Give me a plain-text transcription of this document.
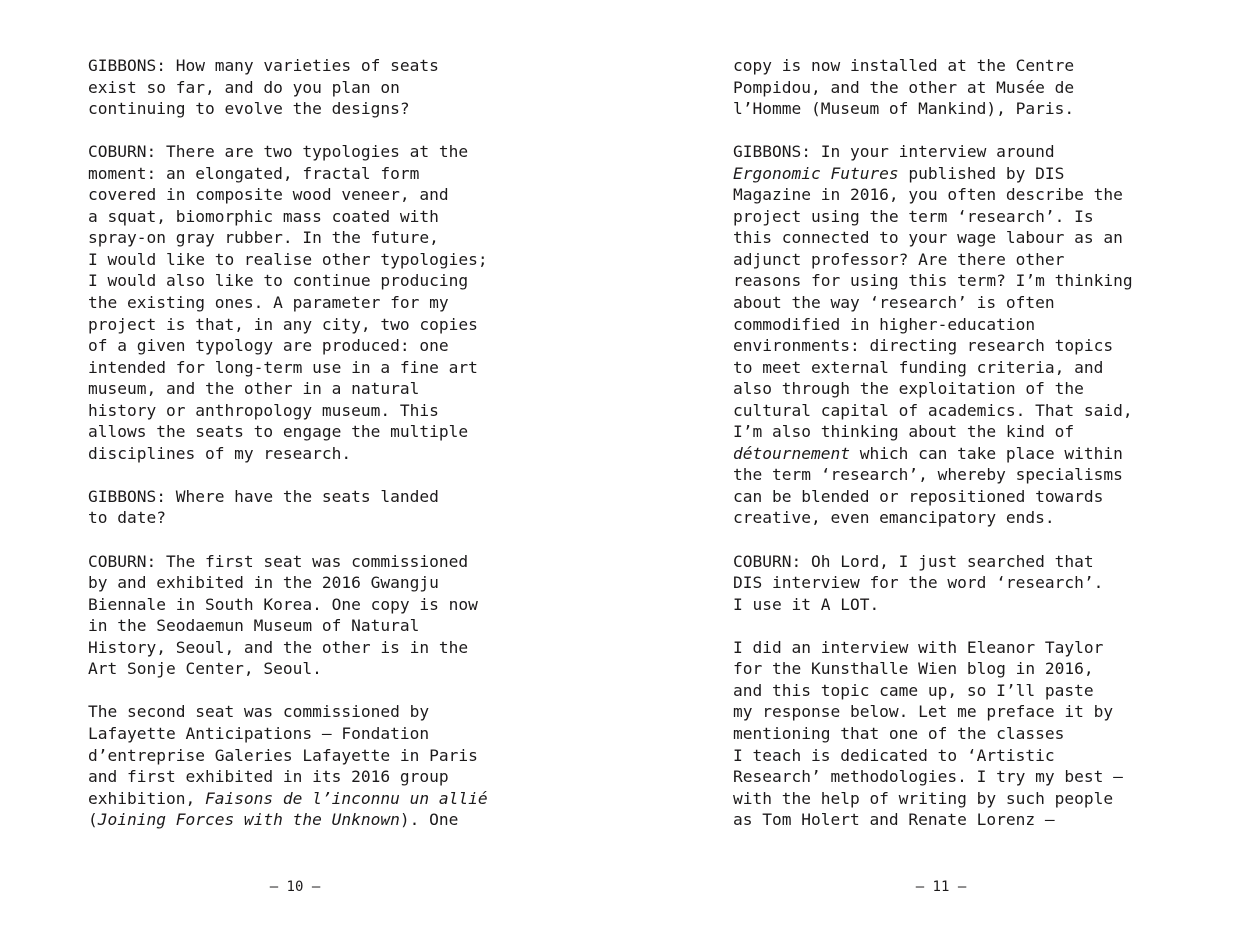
GIBBONS: How many varieties of seats
exist so far, and do you plan on
continuing to evolve the designs?
COBURN: There are two typologies at the
moment: an elongated, fractal form
covered in composite wood veneer, and
a squat, biomorphic mass coated with
spray-on gray rubber. In the future,
I would like to realise other typologies;
I would also like to continue producing
the existing ones. A parameter for my
project is that, in any city, two copies
of a given typology are produced: one
intended for long-term use in a fine art
museum, and the other in a natural
history or anthropology museum. This
allows the seats to engage the multiple
disciplines of my research.
GIBBONS: Where have the seats landed
to date?
COBURN: The first seat was commissioned
by and exhibited in the 2016 Gwangju
Biennale in South Korea. One copy is now
in the Seodaemun Museum of Natural
History, Seoul, and the other is in the
Art Sonje Center, Seoul.
The second seat was commissioned by
Lafayette Anticipations — Fondation
d’entreprise Galeries Lafayette in Paris
and first exhibited in its 2016 group
exhibition, Faisons de l’inconnu un allié
(Joining Forces with the Unknown). One
– 10 –
copy is now installed at the Centre
Pompidou, and the other at Musée de
l’Homme (Museum of Mankind), Paris.
GIBBONS: In your interview around
Ergonomic Futures published by DIS
Magazine in 2016, you often describe the
project using the term ‘research’. Is
this connected to your wage labour as an
adjunct professor? Are there other
reasons for using this term? I’m thinking
about the way ‘research’ is often
commodified in higher-education
environments: directing research topics
to meet external funding criteria, and
also through the exploitation of the
cultural capital of academics. That said,
I’m also thinking about the kind of
détournement which can take place within
the term ‘research’, whereby specialisms
can be blended or repositioned towards
creative, even emancipatory ends.
COBURN: Oh Lord, I just searched that
DIS interview for the word ‘research’.
I use it A LOT.
I did an interview with Eleanor Taylor
for the Kunsthalle Wien blog in 2016,
and this topic came up, so I’ll paste
my response below. Let me preface it by
mentioning that one of the classes
I teach is dedicated to ‘Artistic
Research’ methodologies. I try my best —
with the help of writing by such people
as Tom Holert and Renate Lorenz —
– 11 –
